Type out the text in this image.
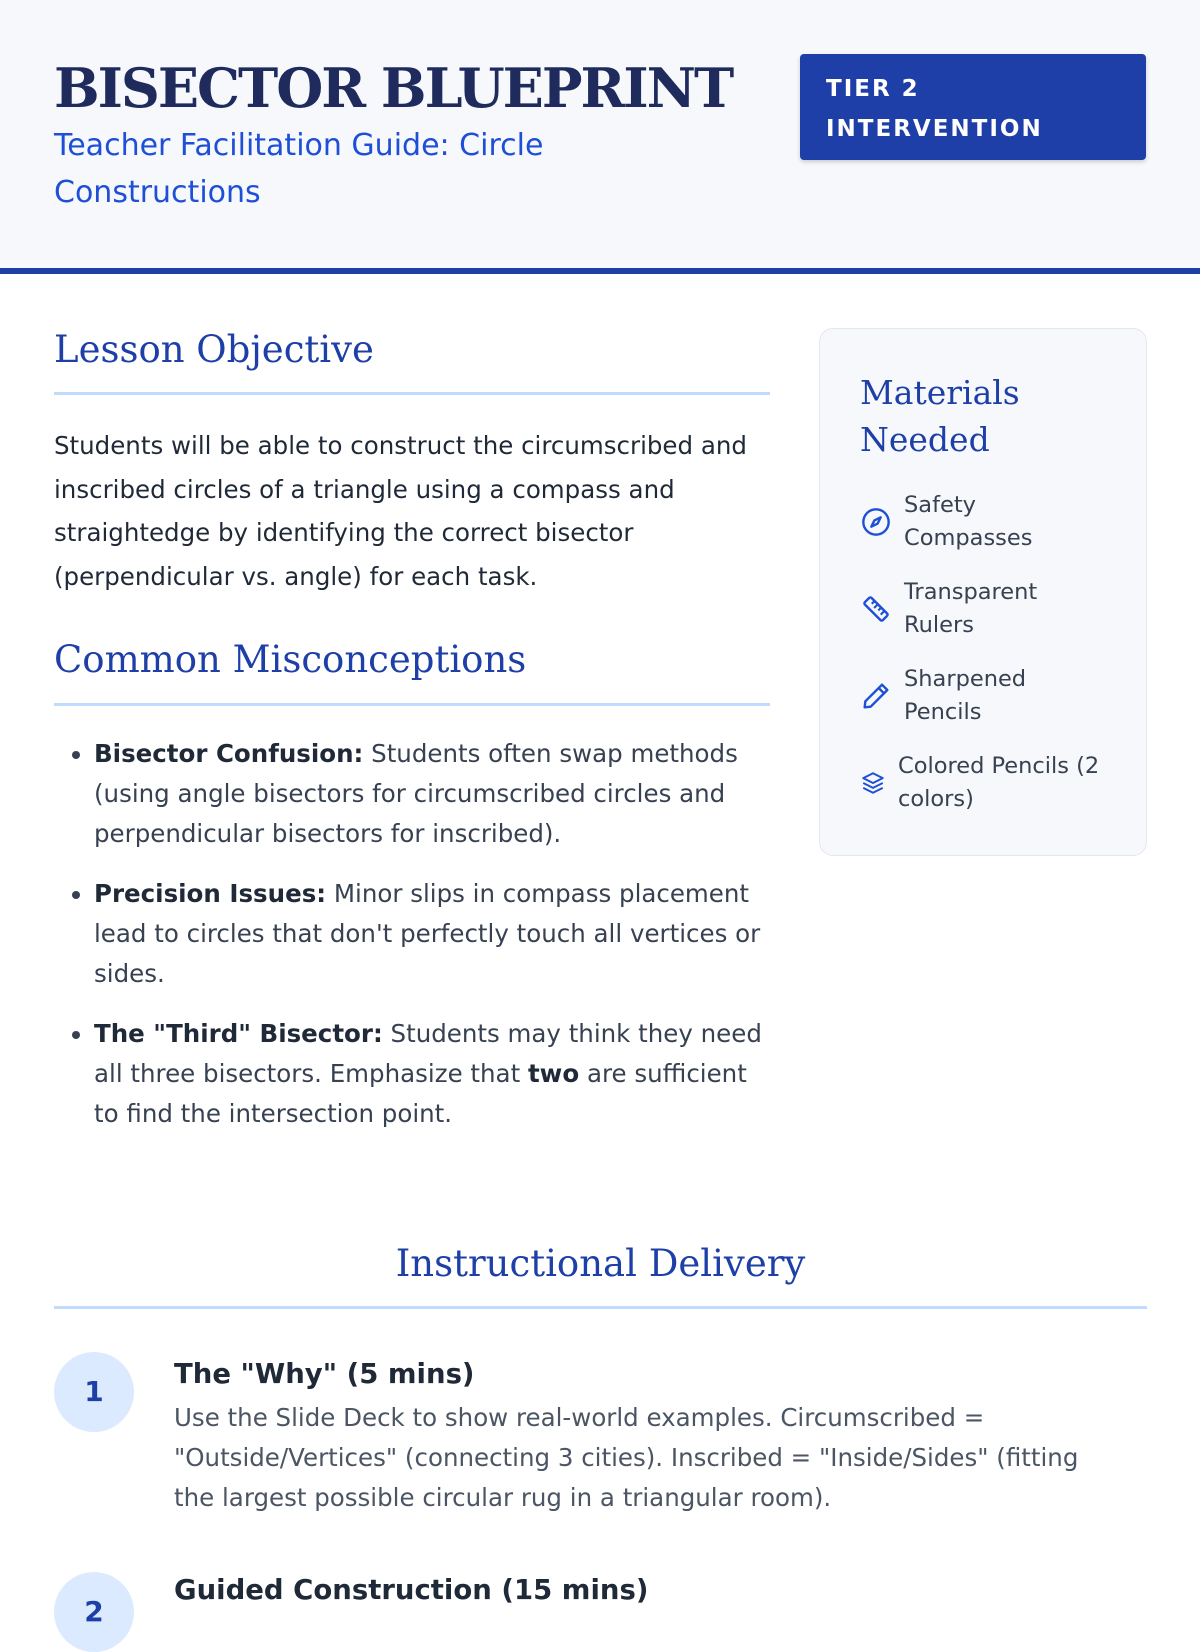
BISECTOR BLUEPRINT

Teacher Facilitation Guide: Circle Constructions

TIER 2
INTERVENTION
Lesson Objective

Students will be able to construct the circumscribed and inscribed circles of a triangle using a compass and straightedge by identifying the correct bisector (perpendicular vs. angle) for each task.

Common Misconceptions
• Bisector Confusion: Students often swap methods (using angle bisectors for circumscribed circles and perpendicular bisectors for inscribed).
• Precision Issues: Minor slips in compass placement lead to circles that don't perfectly touch all vertices or sides.
• The "Third" Bisector: Students may think they need all three bisectors. Emphasize that two are sufficient to find the intersection point.
Materials Needed
Safety Compasses
Transparent Rulers
Sharpened Pencils
Colored Pencils (2 colors)
Instructional Delivery
1
The "Why" (5 mins)

Use the Slide Deck to show real-world examples. Circumscribed = "Outside/Vertices" (connecting 3 cities). Inscribed = "Inside/Sides" (fitting the largest possible circular rug in a triangular room).

2
Guided Construction (15 mins)
